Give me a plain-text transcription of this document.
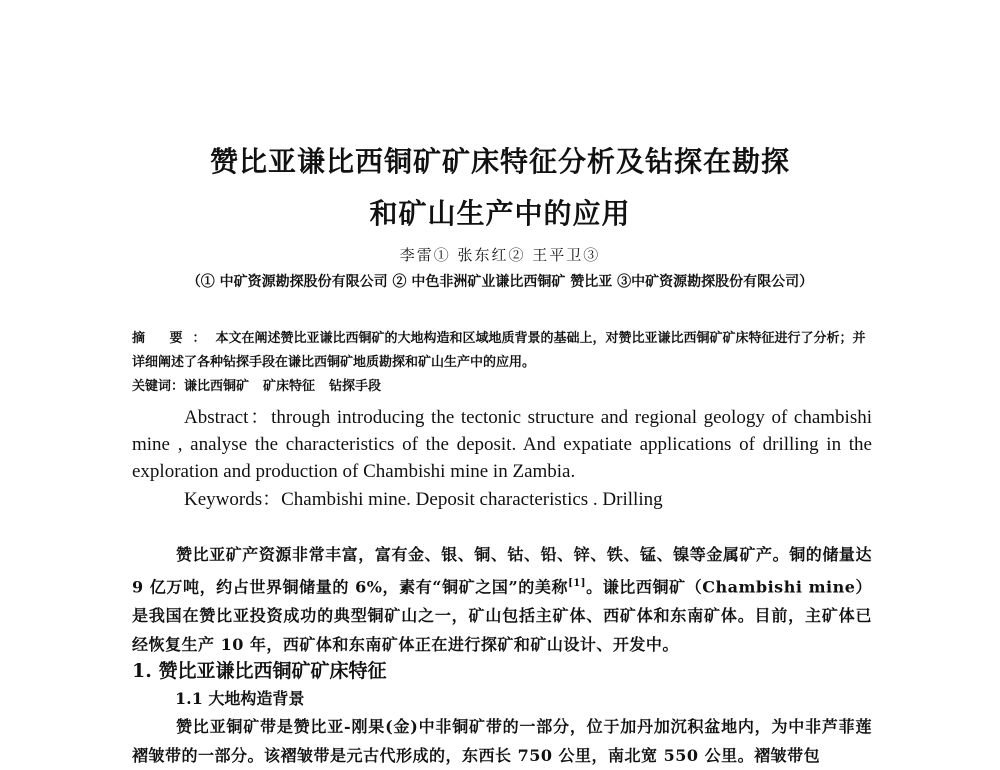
赞比亚谦比西铜矿矿床特征分析及钻探在勘探
和矿山生产中的应用
李雷① 张东红② 王平卫③
（① 中矿资源勘探股份有限公司 ② 中色非洲矿业谦比西铜矿 赞比亚 ③中矿资源勘探股份有限公司）
摘 要：本文在阐述赞比亚谦比西铜矿的大地构造和区域地质背景的基础上，对赞比亚谦比西铜矿矿床特征进行了分析；并详细阐述了各种钻探手段在谦比西铜矿地质勘探和矿山生产中的应用。
关键词：谦比西铜矿 矿床特征 钻探手段
Abstract：through introducing the tectonic structure and regional geology of chambishi mine , analyse the characteristics of the deposit. And expatiate applications of drilling in the exploration and production of Chambishi mine in Zambia.
Keywords：Chambishi mine. Deposit characteristics . Drilling
赞比亚矿产资源非常丰富，富有金、银、铜、钴、铅、锌、铁、锰、镍等金属矿产。铜的储量达 9 亿万吨，约占世界铜储量的 6%，素有“铜矿之国”的美称[1]。谦比西铜矿（Chambishi mine）是我国在赞比亚投资成功的典型铜矿山之一，矿山包括主矿体、西矿体和东南矿体。目前，主矿体已经恢复生产 10 年，西矿体和东南矿体正在进行探矿和矿山设计、开发中。
1. 赞比亚谦比西铜矿矿床特征
1.1 大地构造背景
赞比亚铜矿带是赞比亚-刚果(金)中非铜矿带的一部分，位于加丹加沉积盆地内，为中非芦菲莲褶皱带的一部分。该褶皱带是元古代形成的，东西长 750 公里，南北宽 550 公里。褶皱带包
